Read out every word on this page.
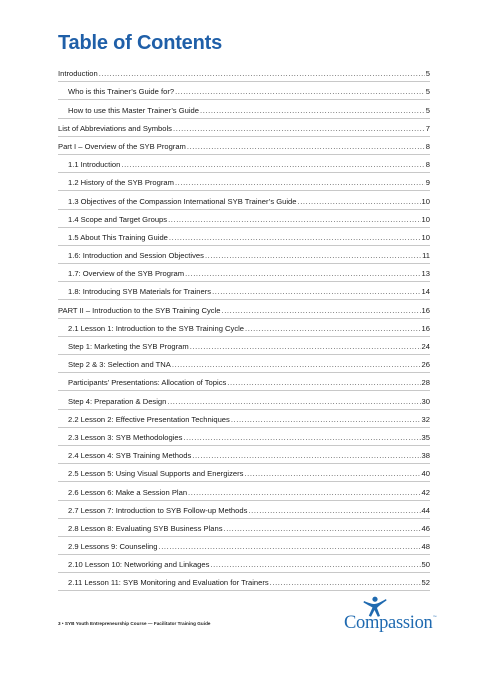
Table of Contents
Introduction .....	5
Who is this Trainer’s Guide for? .....	5
How to use this Master Trainer’s Guide .....	5
List of Abbreviations and Symbols .....	7
Part I – Overview of the SYB Program .....	8
1.1 Introduction .....	8
1.2 History of the SYB Program .....	9
1.3 Objectives of the Compassion International SYB Trainer’s Guide .....	10
1.4 Scope and Target Groups .....	10
1.5 About This Training Guide .....	10
1.6: Introduction and Session Objectives .....	11
1.7: Overview of the SYB Program .....	13
1.8: Introducing SYB Materials for Trainers .....	14
PART II – Introduction to the SYB Training Cycle .....	16
2.1 Lesson 1: Introduction to the SYB Training Cycle .....	16
Step 1: Marketing the SYB Program .....	24
Step 2 & 3: Selection and TNA .....	26
Participants’ Presentations: Allocation of Topics .....	28
Step 4: Preparation & Design .....	30
2.2 Lesson 2: Effective Presentation Techniques .....	32
2.3 Lesson 3: SYB Methodologies .....	35
2.4 Lesson 4: SYB Training Methods .....	38
2.5 Lesson 5: Using Visual Supports and Energizers .....	40
2.6 Lesson 6: Make a Session Plan .....	42
2.7 Lesson 7: Introduction to SYB Follow-up Methods .....	44
2.8 Lesson 8: Evaluating SYB Business Plans .....	46
2.9 Lessons 9: Counseling .....	48
2.10 Lesson 10: Networking and Linkages .....	50
2.11 Lesson 11: SYB Monitoring and Evaluation for Trainers .....	52
3 • SYB Youth Entrepreneurship Course — Facilitator Training Guide	Compassion ™
